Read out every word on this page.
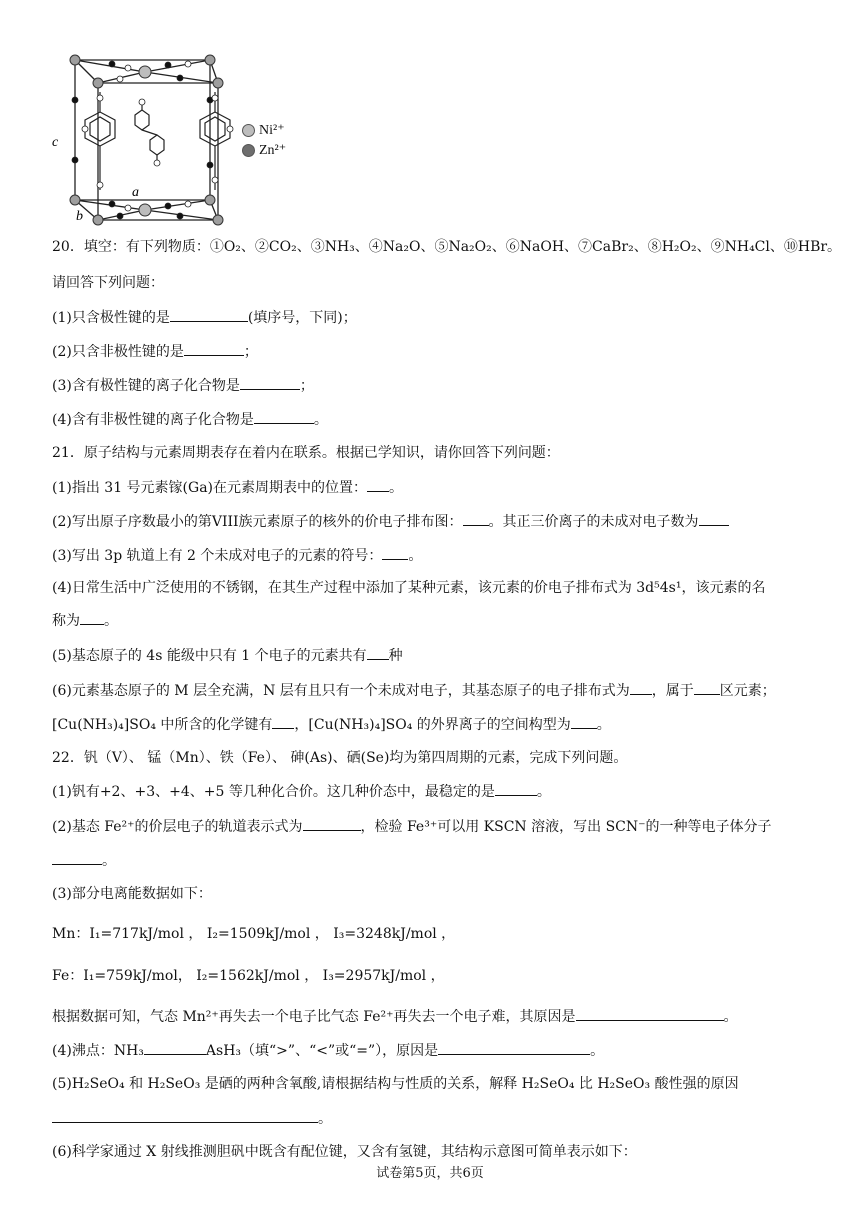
c
a
b
Ni²⁺
Zn²⁺
20．填空：有下列物质：①O₂、②CO₂、③NH₃、④Na₂O、⑤Na₂O₂、⑥NaOH、⑦CaBr₂、⑧H₂O₂、⑨NH₄Cl、⑩HBr。
请回答下列问题：
(1)只含极性键的是	(填序号，下同)；
(2)只含非极性键的是	；
(3)含有极性键的离子化合物是	；
(4)含有非极性键的离子化合物是	。
21．原子结构与元素周期表存在着内在联系。根据已学知识，请你回答下列问题：
(1)指出 31 号元素镓(Ga)在元素周期表中的位置： 。
(2)写出原子序数最小的第VIII族元素原子的核外的价电子排布图： 。其正三价离子的未成对电子数为
(3)写出 3p 轨道上有 2 个未成对电子的元素的符号： 。
(4)日常生活中广泛使用的不锈钢，在其生产过程中添加了某种元素，该元素的价电子排布式为 3d⁵4s¹，该元素的名
称为 。
(5)基态原子的 4s 能级中只有 1 个电子的元素共有 种
(6)元素基态原子的 M 层全充满，N 层有且只有一个未成对电子，其基态原子的电子排布式为 ，属于 区元素；
[Cu(NH₃)₄]SO₄ 中所含的化学键有 ，[Cu(NH₃)₄]SO₄ 的外界离子的空间构型为 。
22．钒（V）、 锰（Mn）、铁（Fe）、 砷(As)、硒(Se)均为第四周期的元素，完成下列问题。
(1)钒有+2、+3、+4、+5 等几种化合价。这几种价态中，最稳定的是	。
(2)基态 Fe²⁺的价层电子的轨道表示式为	，检验 Fe³⁺可以用 KSCN 溶液，写出 SCN⁻的一种等电子体分子
。
(3)部分电离能数据如下：
Mn：I₁=717kJ/mol ， I₂=1509kJ/mol ， I₃=3248kJ/mol ，
Fe：I₁=759kJ/mol， I₂=1562kJ/mol ， I₃=2957kJ/mol ，
根据数据可知，气态 Mn²⁺再失去一个电子比气态 Fe²⁺再失去一个电子难，其原因是	。
(4)沸点：NH₃	AsH₃（填“>”、“<”或“=”），原因是	。
(5)H₂SeO₄ 和 H₂SeO₃ 是硒的两种含氧酸,请根据结构与性质的关系，解释 H₂SeO₄ 比 H₂SeO₃ 酸性强的原因
。
(6)科学家通过 X 射线推测胆矾中既含有配位键，又含有氢键，其结构示意图可简单表示如下：
试卷第5页，共6页
